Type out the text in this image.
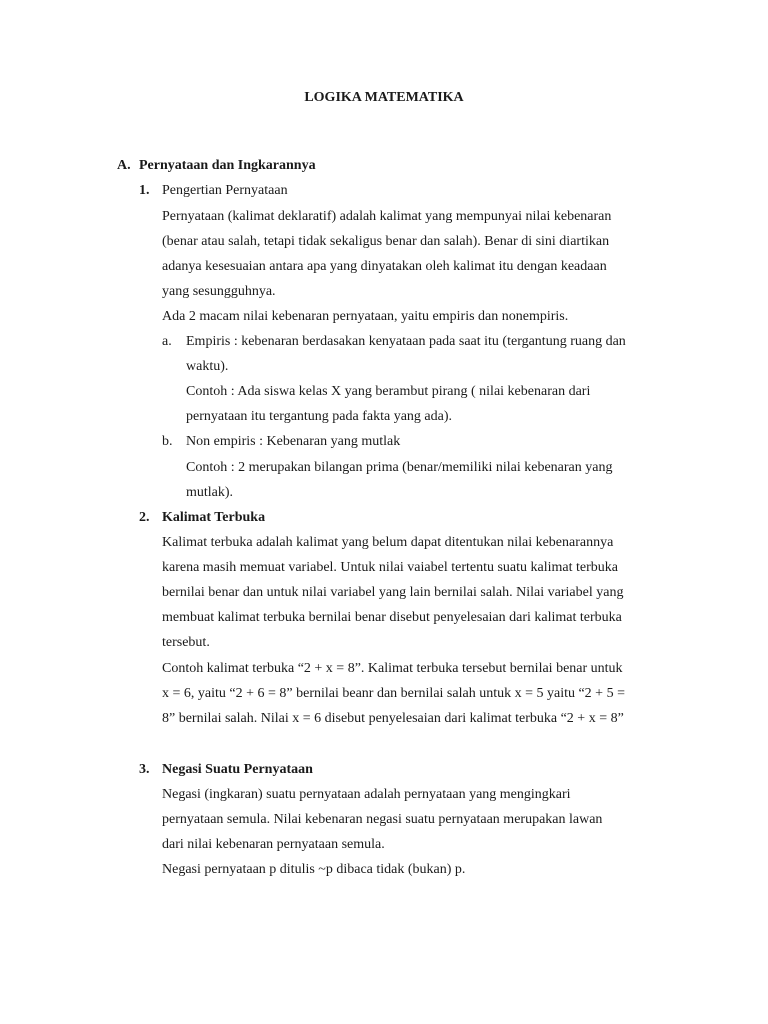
LOGIKA MATEMATIKA
A. Pernyataan dan Ingkarannya
1. Pengertian Pernyataan
Pernyataan (kalimat deklaratif) adalah kalimat yang mempunyai nilai kebenaran
(benar atau salah, tetapi tidak sekaligus benar dan salah). Benar di sini diartikan
adanya kesesuaian antara apa yang dinyatakan oleh kalimat itu dengan keadaan
yang sesungguhnya.
Ada 2 macam nilai kebenaran pernyataan, yaitu empiris dan nonempiris.
a. Empiris : kebenaran berdasakan kenyataan pada saat itu (tergantung ruang dan
waktu).
Contoh : Ada siswa kelas X yang berambut pirang ( nilai kebenaran dari
pernyataan itu tergantung pada fakta yang ada).
b. Non empiris : Kebenaran yang mutlak
Contoh : 2 merupakan bilangan prima (benar/memiliki nilai kebenaran yang
mutlak).
2. Kalimat Terbuka
Kalimat terbuka adalah kalimat yang belum dapat ditentukan nilai kebenarannya
karena masih memuat variabel. Untuk nilai vaiabel tertentu suatu kalimat terbuka
bernilai benar dan untuk nilai variabel yang lain bernilai salah. Nilai variabel yang
membuat kalimat terbuka bernilai benar disebut penyelesaian dari kalimat terbuka
tersebut.
Contoh kalimat terbuka “2 + x = 8”. Kalimat terbuka tersebut bernilai benar untuk
x = 6, yaitu “2 + 6 = 8” bernilai beanr dan bernilai salah untuk x = 5 yaitu “2 + 5 =
8” bernilai salah. Nilai x = 6 disebut penyelesaian dari kalimat terbuka “2 + x = 8”
3. Negasi Suatu Pernyataan
Negasi (ingkaran) suatu pernyataan adalah pernyataan yang mengingkari
pernyataan semula. Nilai kebenaran negasi suatu pernyataan merupakan lawan
dari nilai kebenaran pernyataan semula.
Negasi pernyataan p ditulis ~p dibaca tidak (bukan) p.
